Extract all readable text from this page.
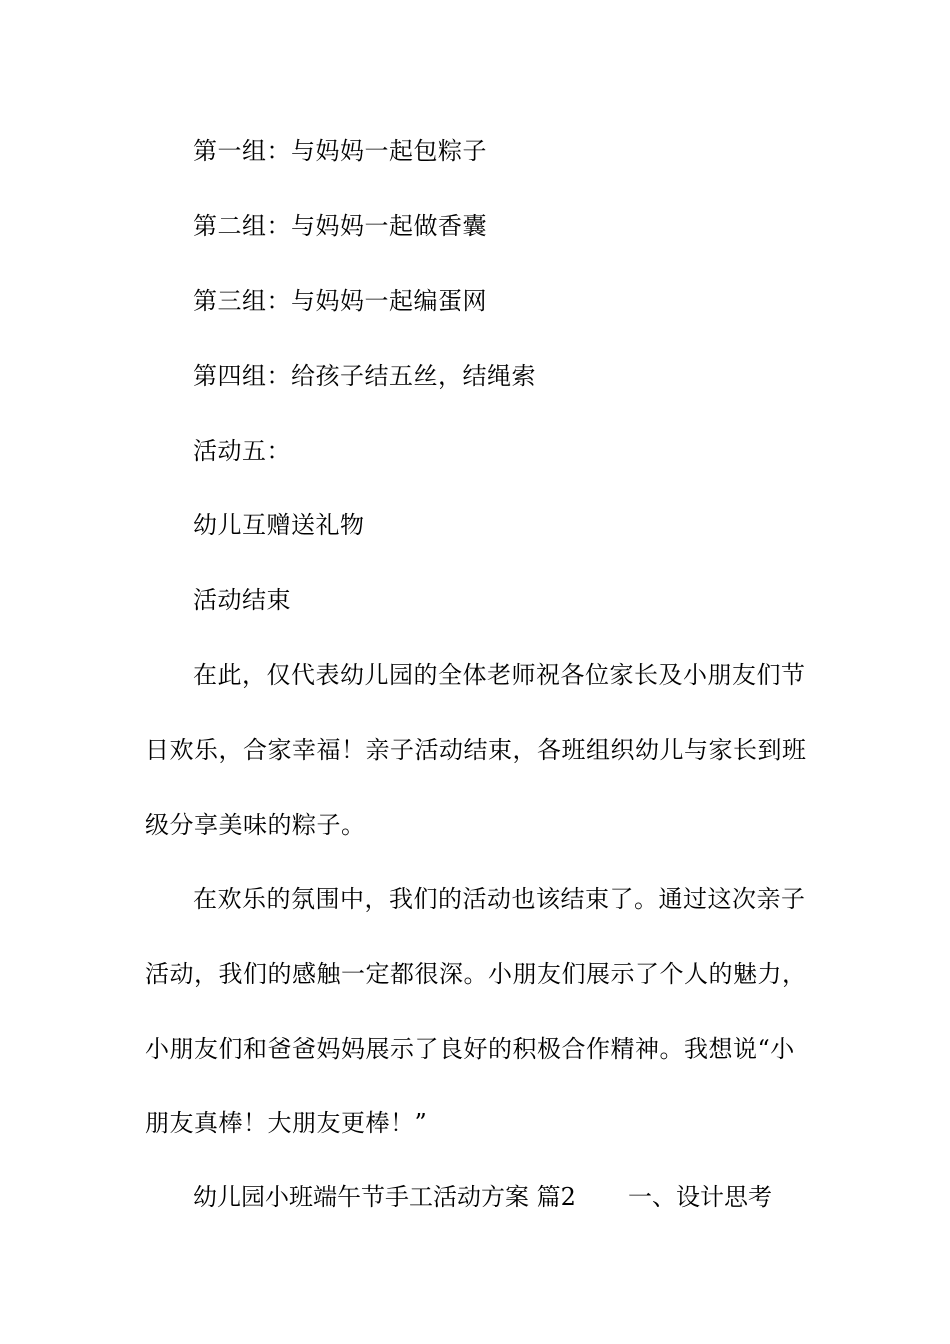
第一组：与妈妈一起包粽子
第二组：与妈妈一起做香囊
第三组：与妈妈一起编蛋网
第四组：给孩子结五丝，结绳索
活动五：
幼儿互赠送礼物
活动结束
在此，仅代表幼儿园的全体老师祝各位家长及小朋友们节
日欢乐，合家幸福！亲子活动结束，各班组织幼儿与家长到班
级分享美味的粽子。
在欢乐的氛围中，我们的活动也该结束了。通过这次亲子
活动，我们的感触一定都很深。小朋友们展示了个人的魅力，
小朋友们和爸爸妈妈展示了良好的积极合作精神。我想说“小
朋友真棒！大朋友更棒！”
幼儿园小班端午节手工活动方案 篇2 一、设计思考
